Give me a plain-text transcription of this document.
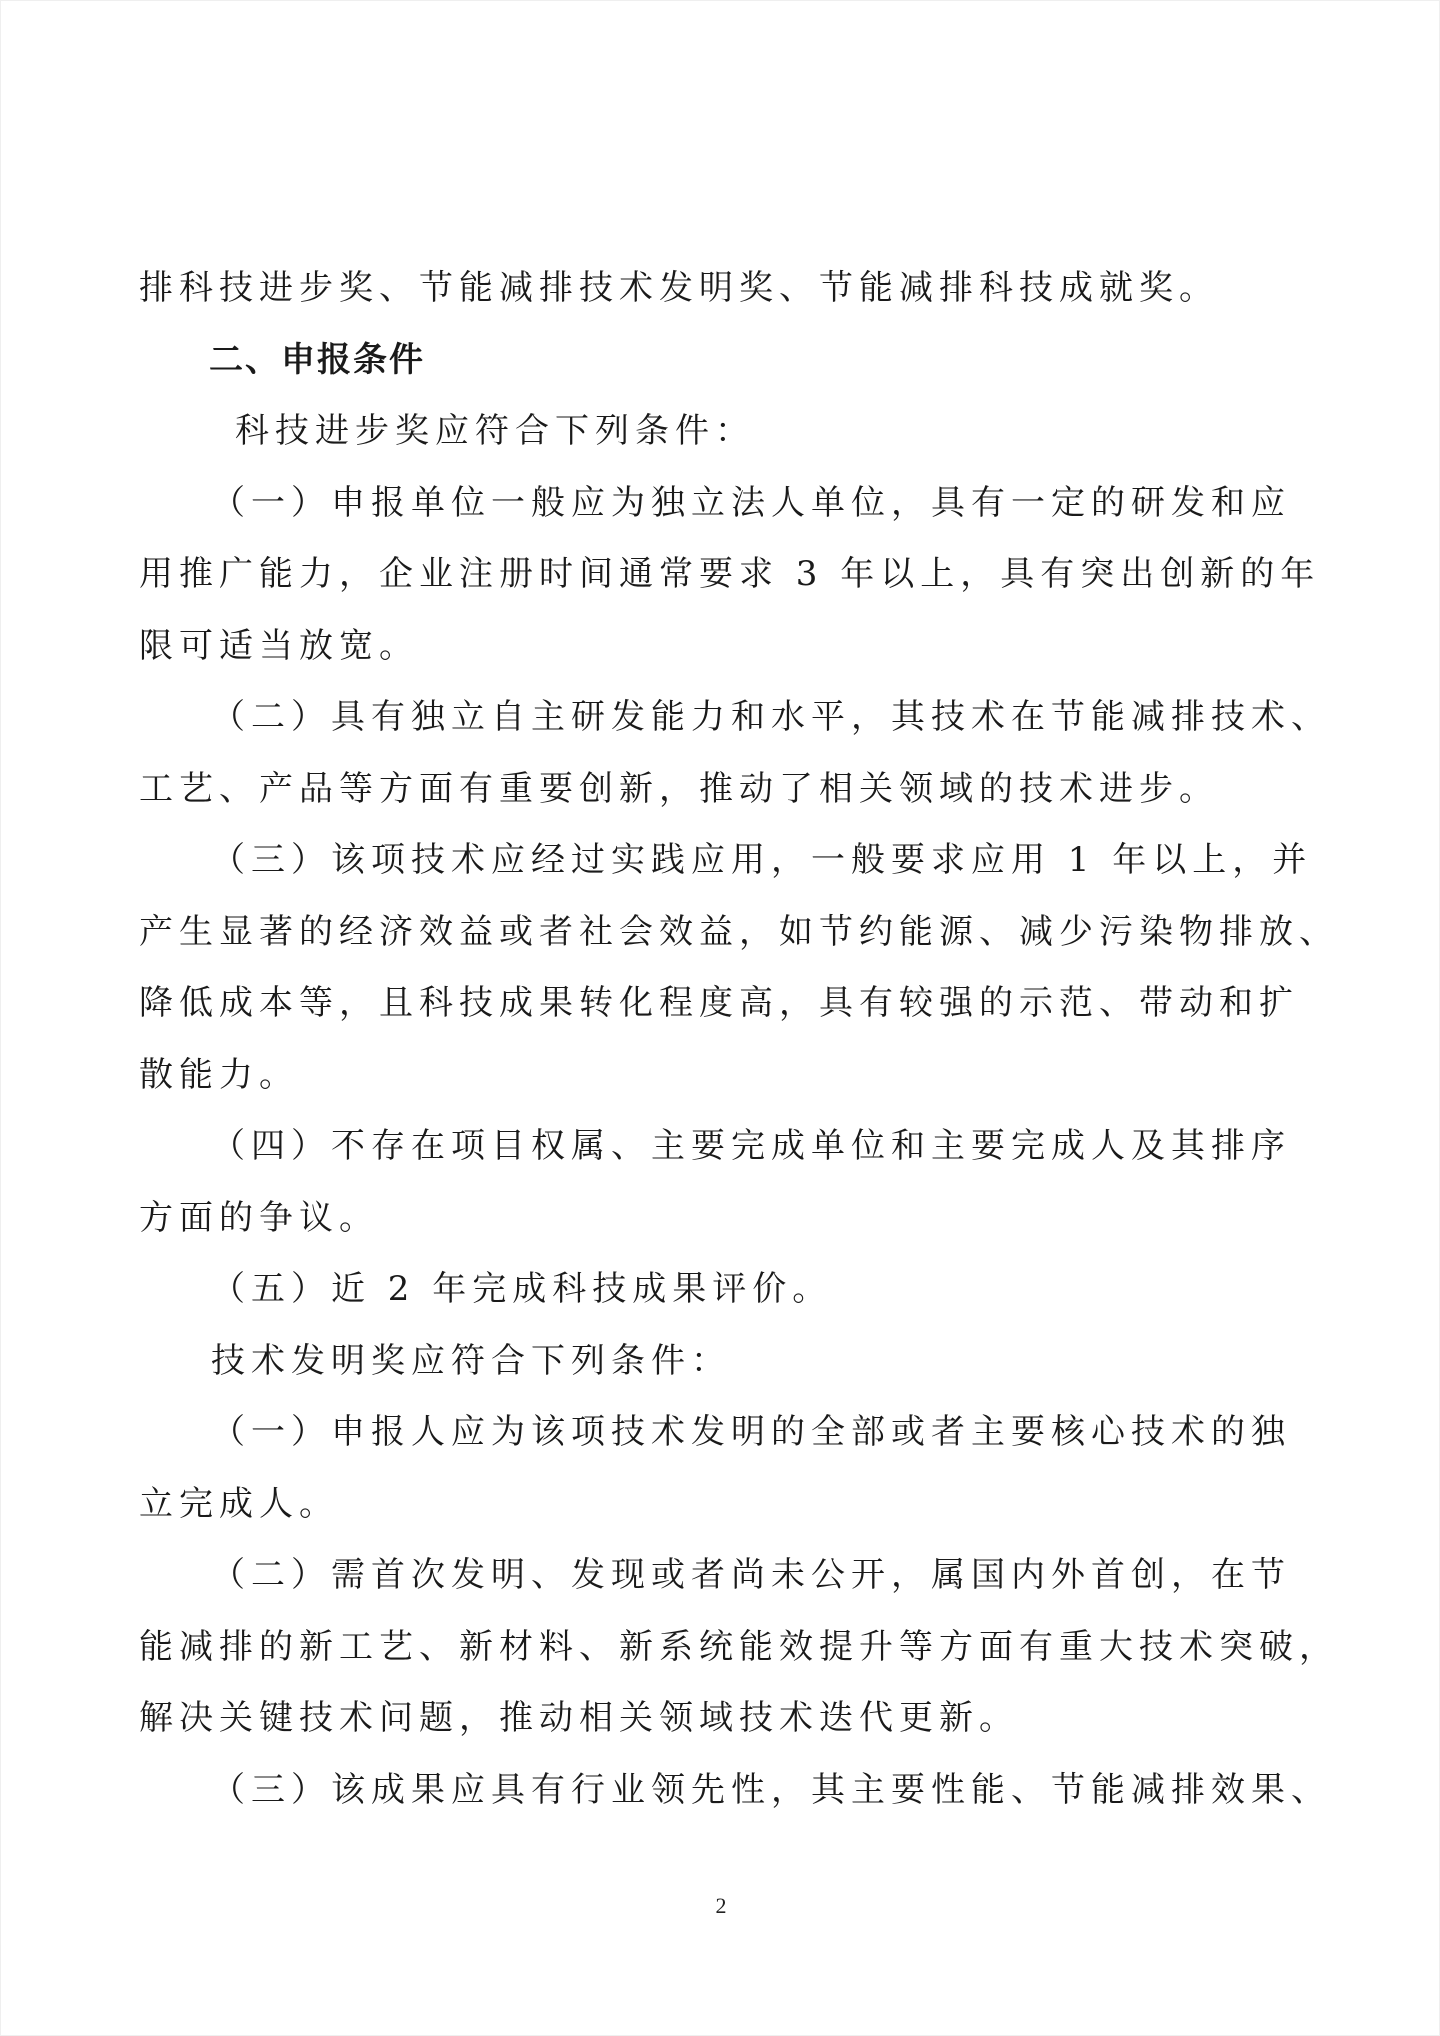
排科技进步奖、节能减排技术发明奖、节能减排科技成就奖。
二、申报条件
科技进步奖应符合下列条件：
（一）申报单位一般应为独立法人单位，具有一定的研发和应
用推广能力，企业注册时间通常要求 3 年以上，具有突出创新的年
限可适当放宽。
（二）具有独立自主研发能力和水平，其技术在节能减排技术、
工艺、产品等方面有重要创新，推动了相关领域的技术进步。
（三）该项技术应经过实践应用，一般要求应用 1 年以上，并
产生显著的经济效益或者社会效益，如节约能源、减少污染物排放、
降低成本等，且科技成果转化程度高，具有较强的示范、带动和扩
散能力。
（四）不存在项目权属、主要完成单位和主要完成人及其排序
方面的争议。
（五）近 2 年完成科技成果评价。
技术发明奖应符合下列条件：
（一）申报人应为该项技术发明的全部或者主要核心技术的独
立完成人。
（二）需首次发明、发现或者尚未公开，属国内外首创，在节
能减排的新工艺、新材料、新系统能效提升等方面有重大技术突破，
解决关键技术问题，推动相关领域技术迭代更新。
（三）该成果应具有行业领先性，其主要性能、节能减排效果、
2
